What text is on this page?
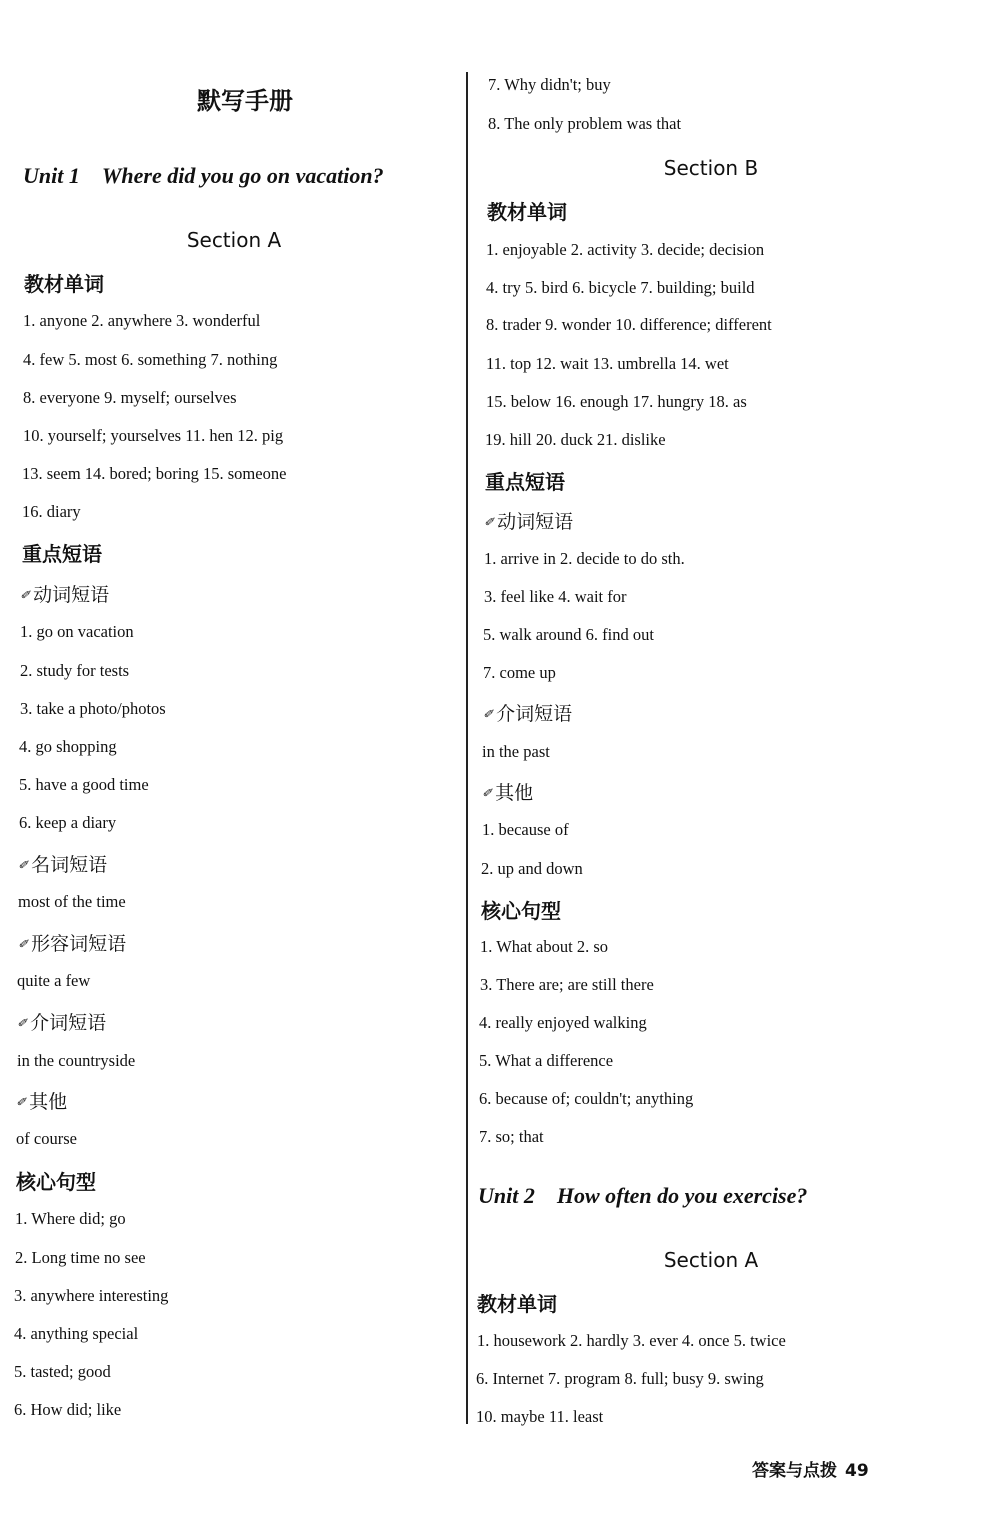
默写手册
Unit 1 Where did you go on vacation?
Section A
教材单词
1. anyone 2. anywhere 3. wonderful
4. few 5. most 6. something 7. nothing
8. everyone 9. myself; ourselves
10. yourself; yourselves 11. hen 12. pig
13. seem 14. bored; boring 15. someone
16. diary
重点短语
✐ 动词短语
1. go on vacation
2. study for tests
3. take a photo/photos
4. go shopping
5. have a good time
6. keep a diary
✐ 名词短语
most of the time
✐ 形容词短语
quite a few
✐ 介词短语
in the countryside
✐ 其他
of course
核心句型
1. Where did; go
2. Long time no see
3. anywhere interesting
4. anything special
5. tasted; good
6. How did; like
7. Why didn't; buy
8. The only problem was that
Section B
教材单词
1. enjoyable 2. activity 3. decide; decision
4. try 5. bird 6. bicycle 7. building; build
8. trader 9. wonder 10. difference; different
11. top 12. wait 13. umbrella 14. wet
15. below 16. enough 17. hungry 18. as
19. hill 20. duck 21. dislike
重点短语
✐ 动词短语
1. arrive in 2. decide to do sth.
3. feel like 4. wait for
5. walk around 6. find out
7. come up
✐ 介词短语
in the past
✐ 其他
1. because of
2. up and down
核心句型
1. What about 2. so
3. There are; are still there
4. really enjoyed walking
5. What a difference
6. because of; couldn't; anything
7. so; that
Unit 2 How often do you exercise?
Section A
教材单词
1. housework 2. hardly 3. ever 4. once 5. twice
6. Internet 7. program 8. full; busy 9. swing
10. maybe 11. least
答案与点拨 49
